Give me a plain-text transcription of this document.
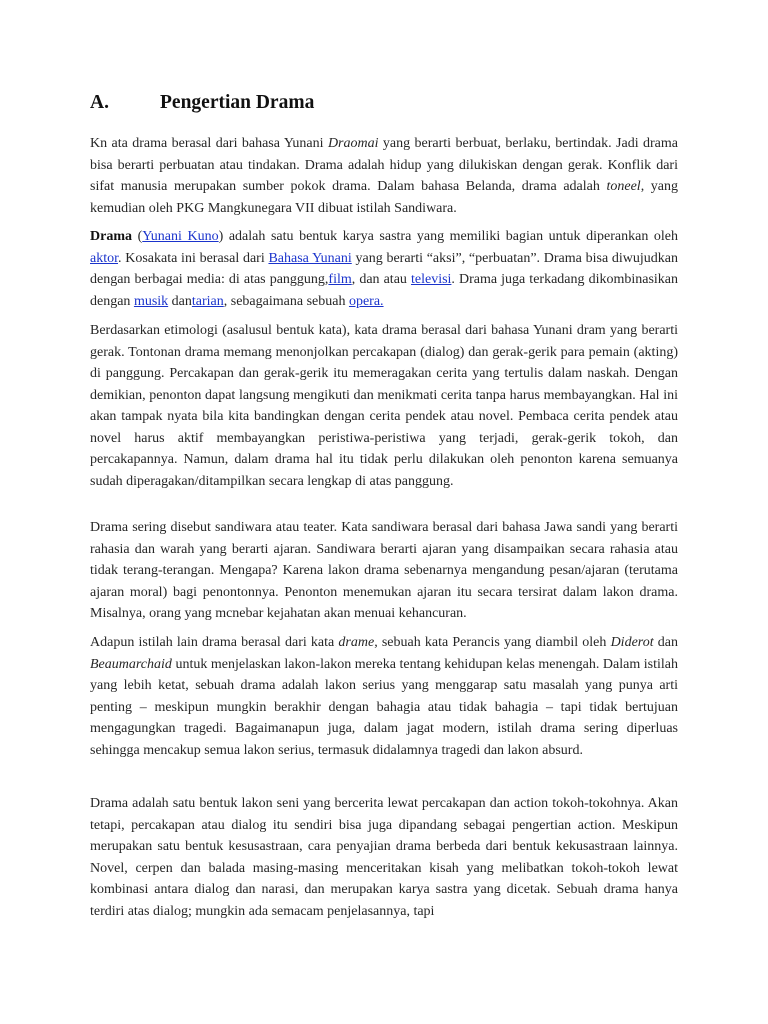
A.	Pengertian Drama
Kn ata drama berasal dari bahasa Yunani Draomai yang berarti berbuat, berlaku, bertindak. Jadi drama bisa berarti perbuatan atau tindakan. Drama adalah hidup yang dilukiskan dengan gerak. Konflik dari sifat manusia merupakan sumber pokok drama. Dalam bahasa Belanda, drama adalah toneel, yang kemudian oleh PKG Mangkunegara VII dibuat istilah Sandiwara.
Drama (Yunani Kuno) adalah satu bentuk karya sastra yang memiliki bagian untuk diperankan oleh aktor. Kosakata ini berasal dari Bahasa Yunani yang berarti “aksi”, “perbuatan”. Drama bisa diwujudkan dengan berbagai media: di atas panggung,film, dan atau televisi. Drama juga terkadang dikombinasikan dengan musik dantarian, sebagaimana sebuah opera.
Berdasarkan etimologi (asalusul bentuk kata), kata drama berasal dari bahasa Yunani dram yang berarti gerak. Tontonan drama memang menonjolkan percakapan (dialog) dan gerak-gerik para pemain (akting) di panggung. Percakapan dan gerak-gerik itu memeragakan cerita yang tertulis dalam naskah. Dengan demikian, penonton dapat langsung mengikuti dan menikmati cerita tanpa harus membayangkan. Hal ini akan tampak nyata bila kita bandingkan dengan cerita pendek atau novel. Pembaca cerita pendek atau novel harus aktif membayangkan peristiwa-peristiwa yang terjadi, gerak-gerik tokoh, dan percakapannya. Namun, dalam drama hal itu tidak perlu dilakukan oleh penonton karena semuanya sudah diperagakan/ditampilkan secara lengkap di atas panggung.
Drama sering disebut sandiwara atau teater. Kata sandiwara berasal dari bahasa Jawa sandi yang berarti rahasia dan warah yang berarti ajaran. Sandiwara berarti ajaran yang disampaikan secara rahasia atau tidak terang-terangan. Mengapa? Karena lakon drama sebenarnya mengandung pesan/ajaran (terutama ajaran moral) bagi penontonnya. Penonton menemukan ajaran itu secara tersirat dalam lakon drama. Misalnya, orang yang mcnebar kejahatan akan menuai kehancuran.
Adapun istilah lain drama berasal dari kata drame, sebuah kata Perancis yang diambil oleh Diderot dan Beaumarchaid untuk menjelaskan lakon-lakon mereka tentang kehidupan kelas menengah. Dalam istilah yang lebih ketat, sebuah drama adalah lakon serius yang menggarap satu masalah yang punya arti penting – meskipun mungkin berakhir dengan bahagia atau tidak bahagia – tapi tidak bertujuan mengagungkan tragedi. Bagaimanapun juga, dalam jagat modern, istilah drama sering diperluas sehingga mencakup semua lakon serius, termasuk didalamnya tragedi dan lakon absurd.
Drama adalah satu bentuk lakon seni yang bercerita lewat percakapan dan action tokoh-tokohnya. Akan tetapi, percakapan atau dialog itu sendiri bisa juga dipandang sebagai pengertian action. Meskipun merupakan satu bentuk kesusastraan, cara penyajian drama berbeda dari bentuk kekusastraan lainnya. Novel, cerpen dan balada masing-masing menceritakan kisah yang melibatkan tokoh-tokoh lewat kombinasi antara dialog dan narasi, dan merupakan karya sastra yang dicetak. Sebuah drama hanya terdiri atas dialog; mungkin ada semacam penjelasannya, tapi
